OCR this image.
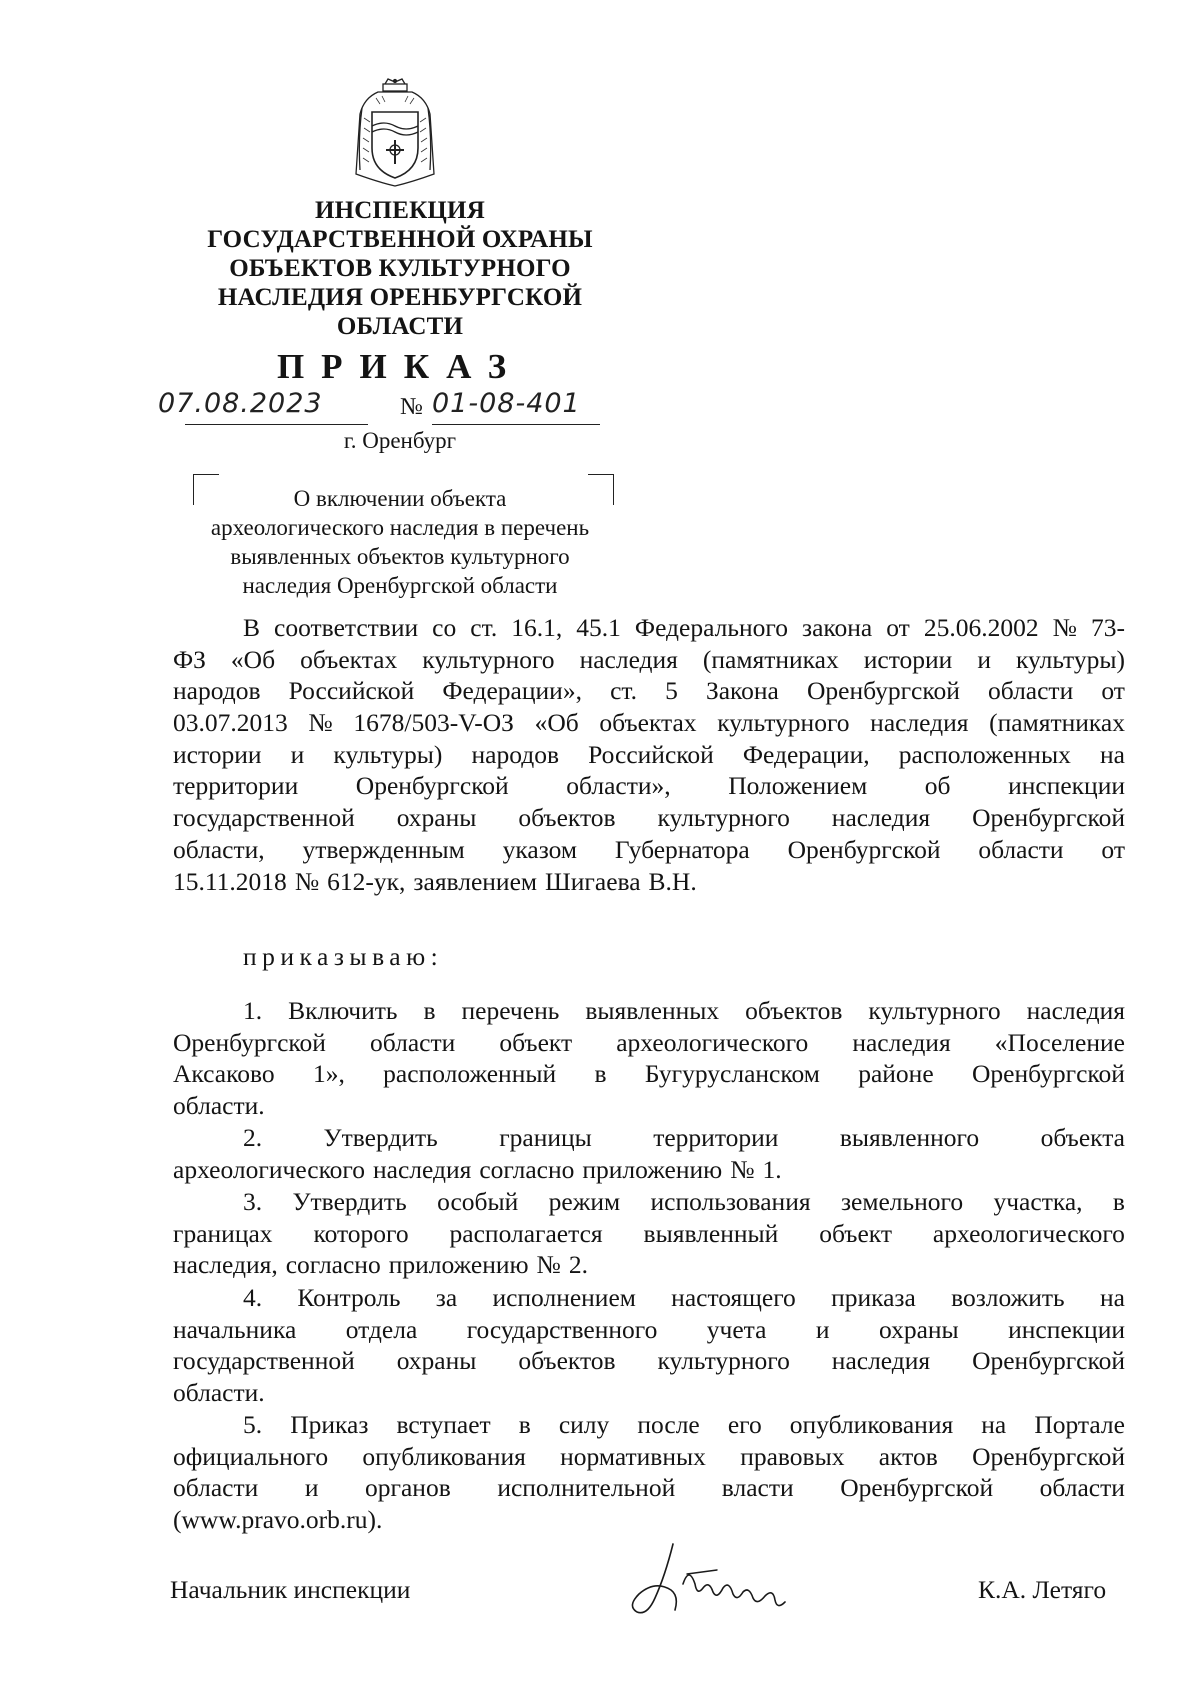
ИНСПЕКЦИЯ
ГОСУДАРСТВЕННОЙ ОХРАНЫ
ОБЪЕКТОВ КУЛЬТУРНОГО
НАСЛЕДИЯ ОРЕНБУРГСКОЙ
ОБЛАСТИ
ПРИКАЗ
07.08.2023	№ 01-08-401
г. Оренбург
О включении объекта
археологического наследия в перечень
выявленных объектов культурного
наследия Оренбургской области
В соответствии со ст. 16.1, 45.1 Федерального закона от 25.06.2002 № 73-
ФЗ «Об объектах культурного наследия (памятниках истории и культуры)
народов Российской Федерации», ст. 5 Закона Оренбургской области от
03.07.2013 № 1678/503-V-ОЗ «Об объектах культурного наследия (памятниках
истории и культуры) народов Российской Федерации, расположенных на
территории Оренбургской области», Положением об инспекции
государственной охраны объектов культурного наследия Оренбургской
области, утвержденным указом Губернатора Оренбургской области от
15.11.2018 № 612-ук, заявлением Шигаева В.Н.
приказываю:
1. Включить в перечень выявленных объектов культурного наследия
Оренбургской области объект археологического наследия «Поселение
Аксаково 1», расположенный в Бугурусланском районе Оренбургской
области.
2. Утвердить границы территории выявленного объекта
археологического наследия согласно приложению № 1.
3. Утвердить особый режим использования земельного участка, в
границах которого располагается выявленный объект археологического
наследия, согласно приложению № 2.
4. Контроль за исполнением настоящего приказа возложить на
начальника отдела государственного учета и охраны инспекции
государственной охраны объектов культурного наследия Оренбургской
области.
5. Приказ вступает в силу после его опубликования на Портале
официального опубликования нормативных правовых актов Оренбургской
области и органов исполнительной власти Оренбургской области
(www.pravo.orb.ru).
Начальник инспекции	К.А. Летяго
